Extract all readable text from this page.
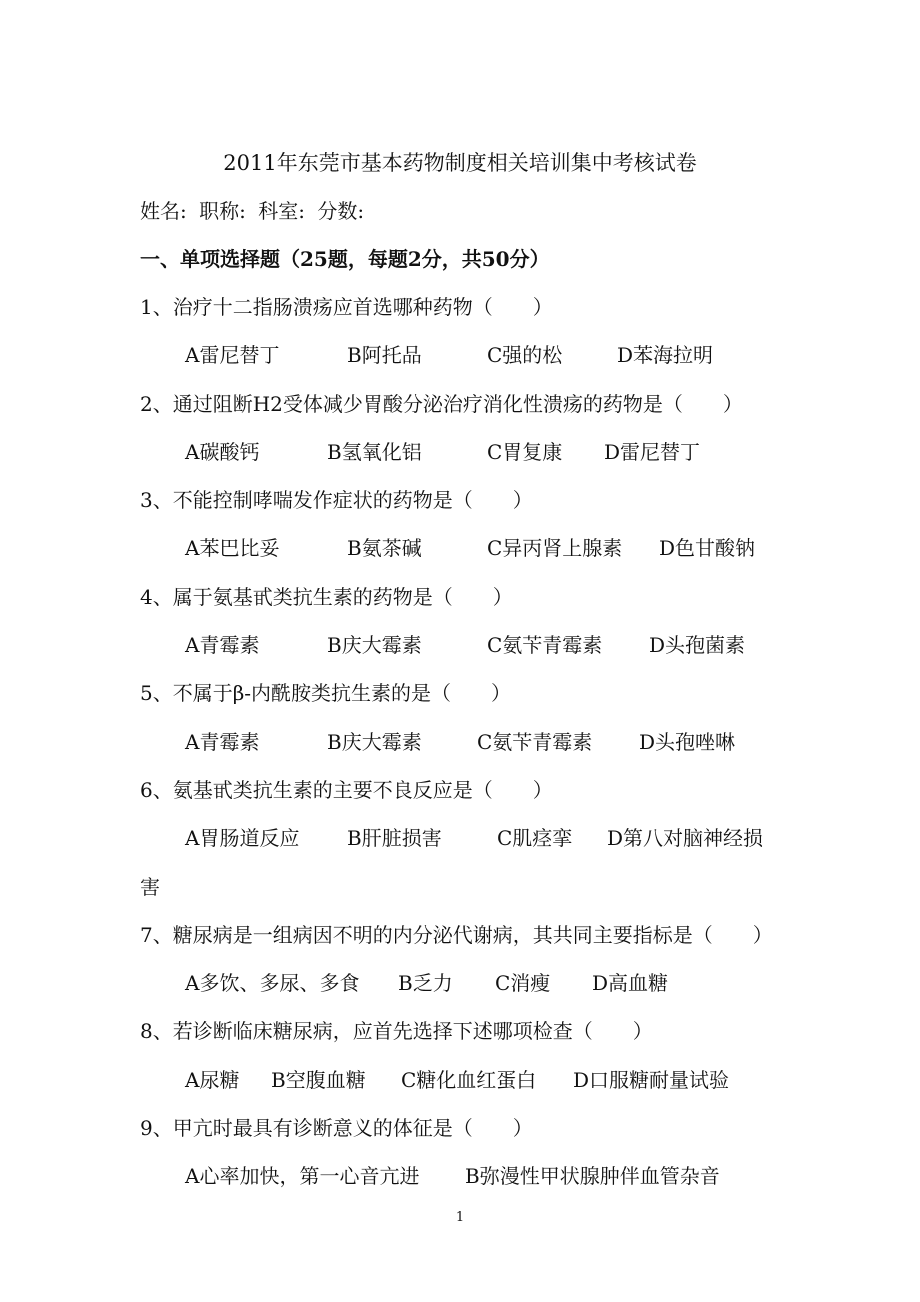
2011年东莞市基本药物制度相关培训集中考核试卷
姓名: 职称: 科室: 分数:
一、单项选择题（25题，每题2分，共50分）
1、治疗十二指肠溃疡应首选哪种药物（　　）
A雷尼替丁	B阿托品	C强的松	D苯海拉明
2、通过阻断H2受体减少胃酸分泌治疗消化性溃疡的药物是（　　）
A碳酸钙	B氢氧化铝	C胃复康 D雷尼替丁
3、不能控制哮喘发作症状的药物是（　　）
A苯巴比妥	B氨茶碱	C异丙肾上腺素 D色甘酸钠
4、属于氨基甙类抗生素的药物是（　　）
A青霉素	B庆大霉素	C氨苄青霉素 D头孢菌素
5、不属于β-内酰胺类抗生素的是（　　）
A青霉素	B庆大霉素	C氨苄青霉素 D头孢唑啉
6、氨基甙类抗生素的主要不良反应是（　　）
A胃肠道反应 B肝脏损害	C肌痉挛 D第八对脑神经损
害
7、糖尿病是一组病因不明的内分泌代谢病，其共同主要指标是（　　）
A多饮、多尿、多食 B乏力 C消瘦 D高血糖
8、若诊断临床糖尿病，应首先选择下述哪项检查（　　）
A尿糖 B空腹血糖 C糖化血红蛋白 D口服糖耐量试验
9、甲亢时最具有诊断意义的体征是（　　）
A心率加快，第一心音亢进 B弥漫性甲状腺肿伴血管杂音
1
